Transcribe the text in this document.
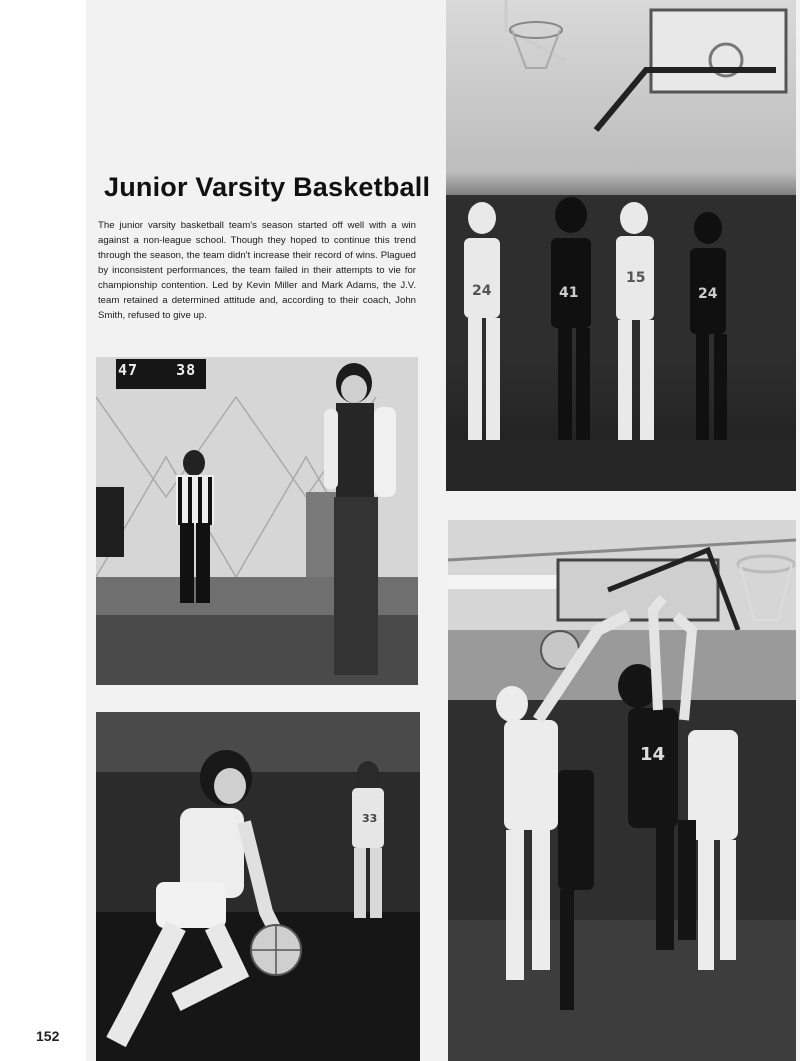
24	41
15
24
Junior Varsity Basketball
The junior varsity basketball team's season started off well with a win against a non-league school. Though they hoped to continue this trend through the season, the team didn't increase their record of wins. Plagued by inconsistent performances, the team failed in their attempts to vie for championship contention. Led by Kevin Miller and Mark Adams, the J.V. team retained a determined attitude and, according to their coach, John Smith, refused to give up.
47	38
33
14
152
